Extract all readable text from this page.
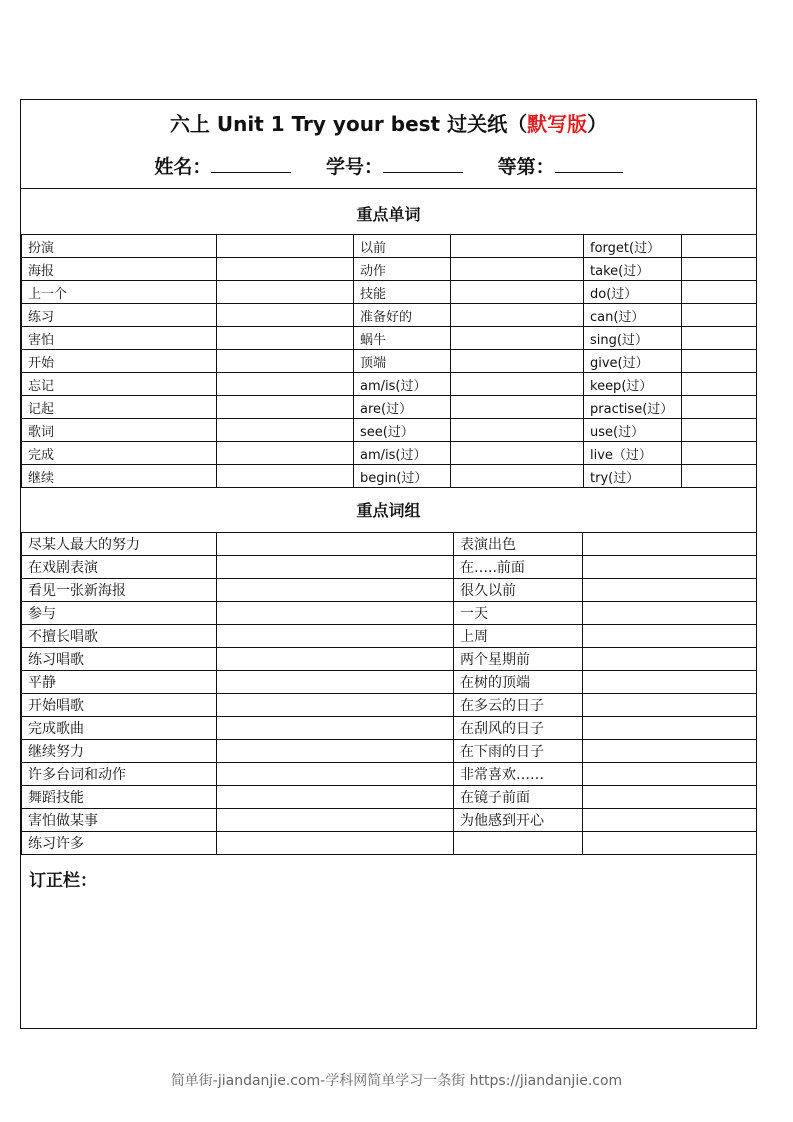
六上 Unit 1 Try your best 过关纸（默写版）
姓名：	学号：	等第：
重点单词
扮演		以前		forget(过）	
海报		动作		take(过）	
上一个		技能		do(过）	
练习		准备好的		can(过）	
害怕		蜗牛		sing(过）	
开始		顶端		give(过）	
忘记		am/is(过）		keep(过）	
记起		are(过）		practise(过）	
歌词		see(过）		use(过）	
完成		am/is(过）		live（过）	
继续		begin(过）		try(过）	
重点词组
尽某人最大的努力		表演出色	
在戏剧表演		在…..前面	
看见一张新海报		很久以前	
参与		一天	
不擅长唱歌		上周	
练习唱歌		两个星期前	
平静		在树的顶端	
开始唱歌		在多云的日子	
完成歌曲		在刮风的日子	
继续努力		在下雨的日子	
许多台词和动作		非常喜欢……	
舞蹈技能		在镜子前面	
害怕做某事		为他感到开心	
练习许多			
订正栏：
简单街-jiandanjie.com-学科网简单学习一条街 https://jiandanjie.com
